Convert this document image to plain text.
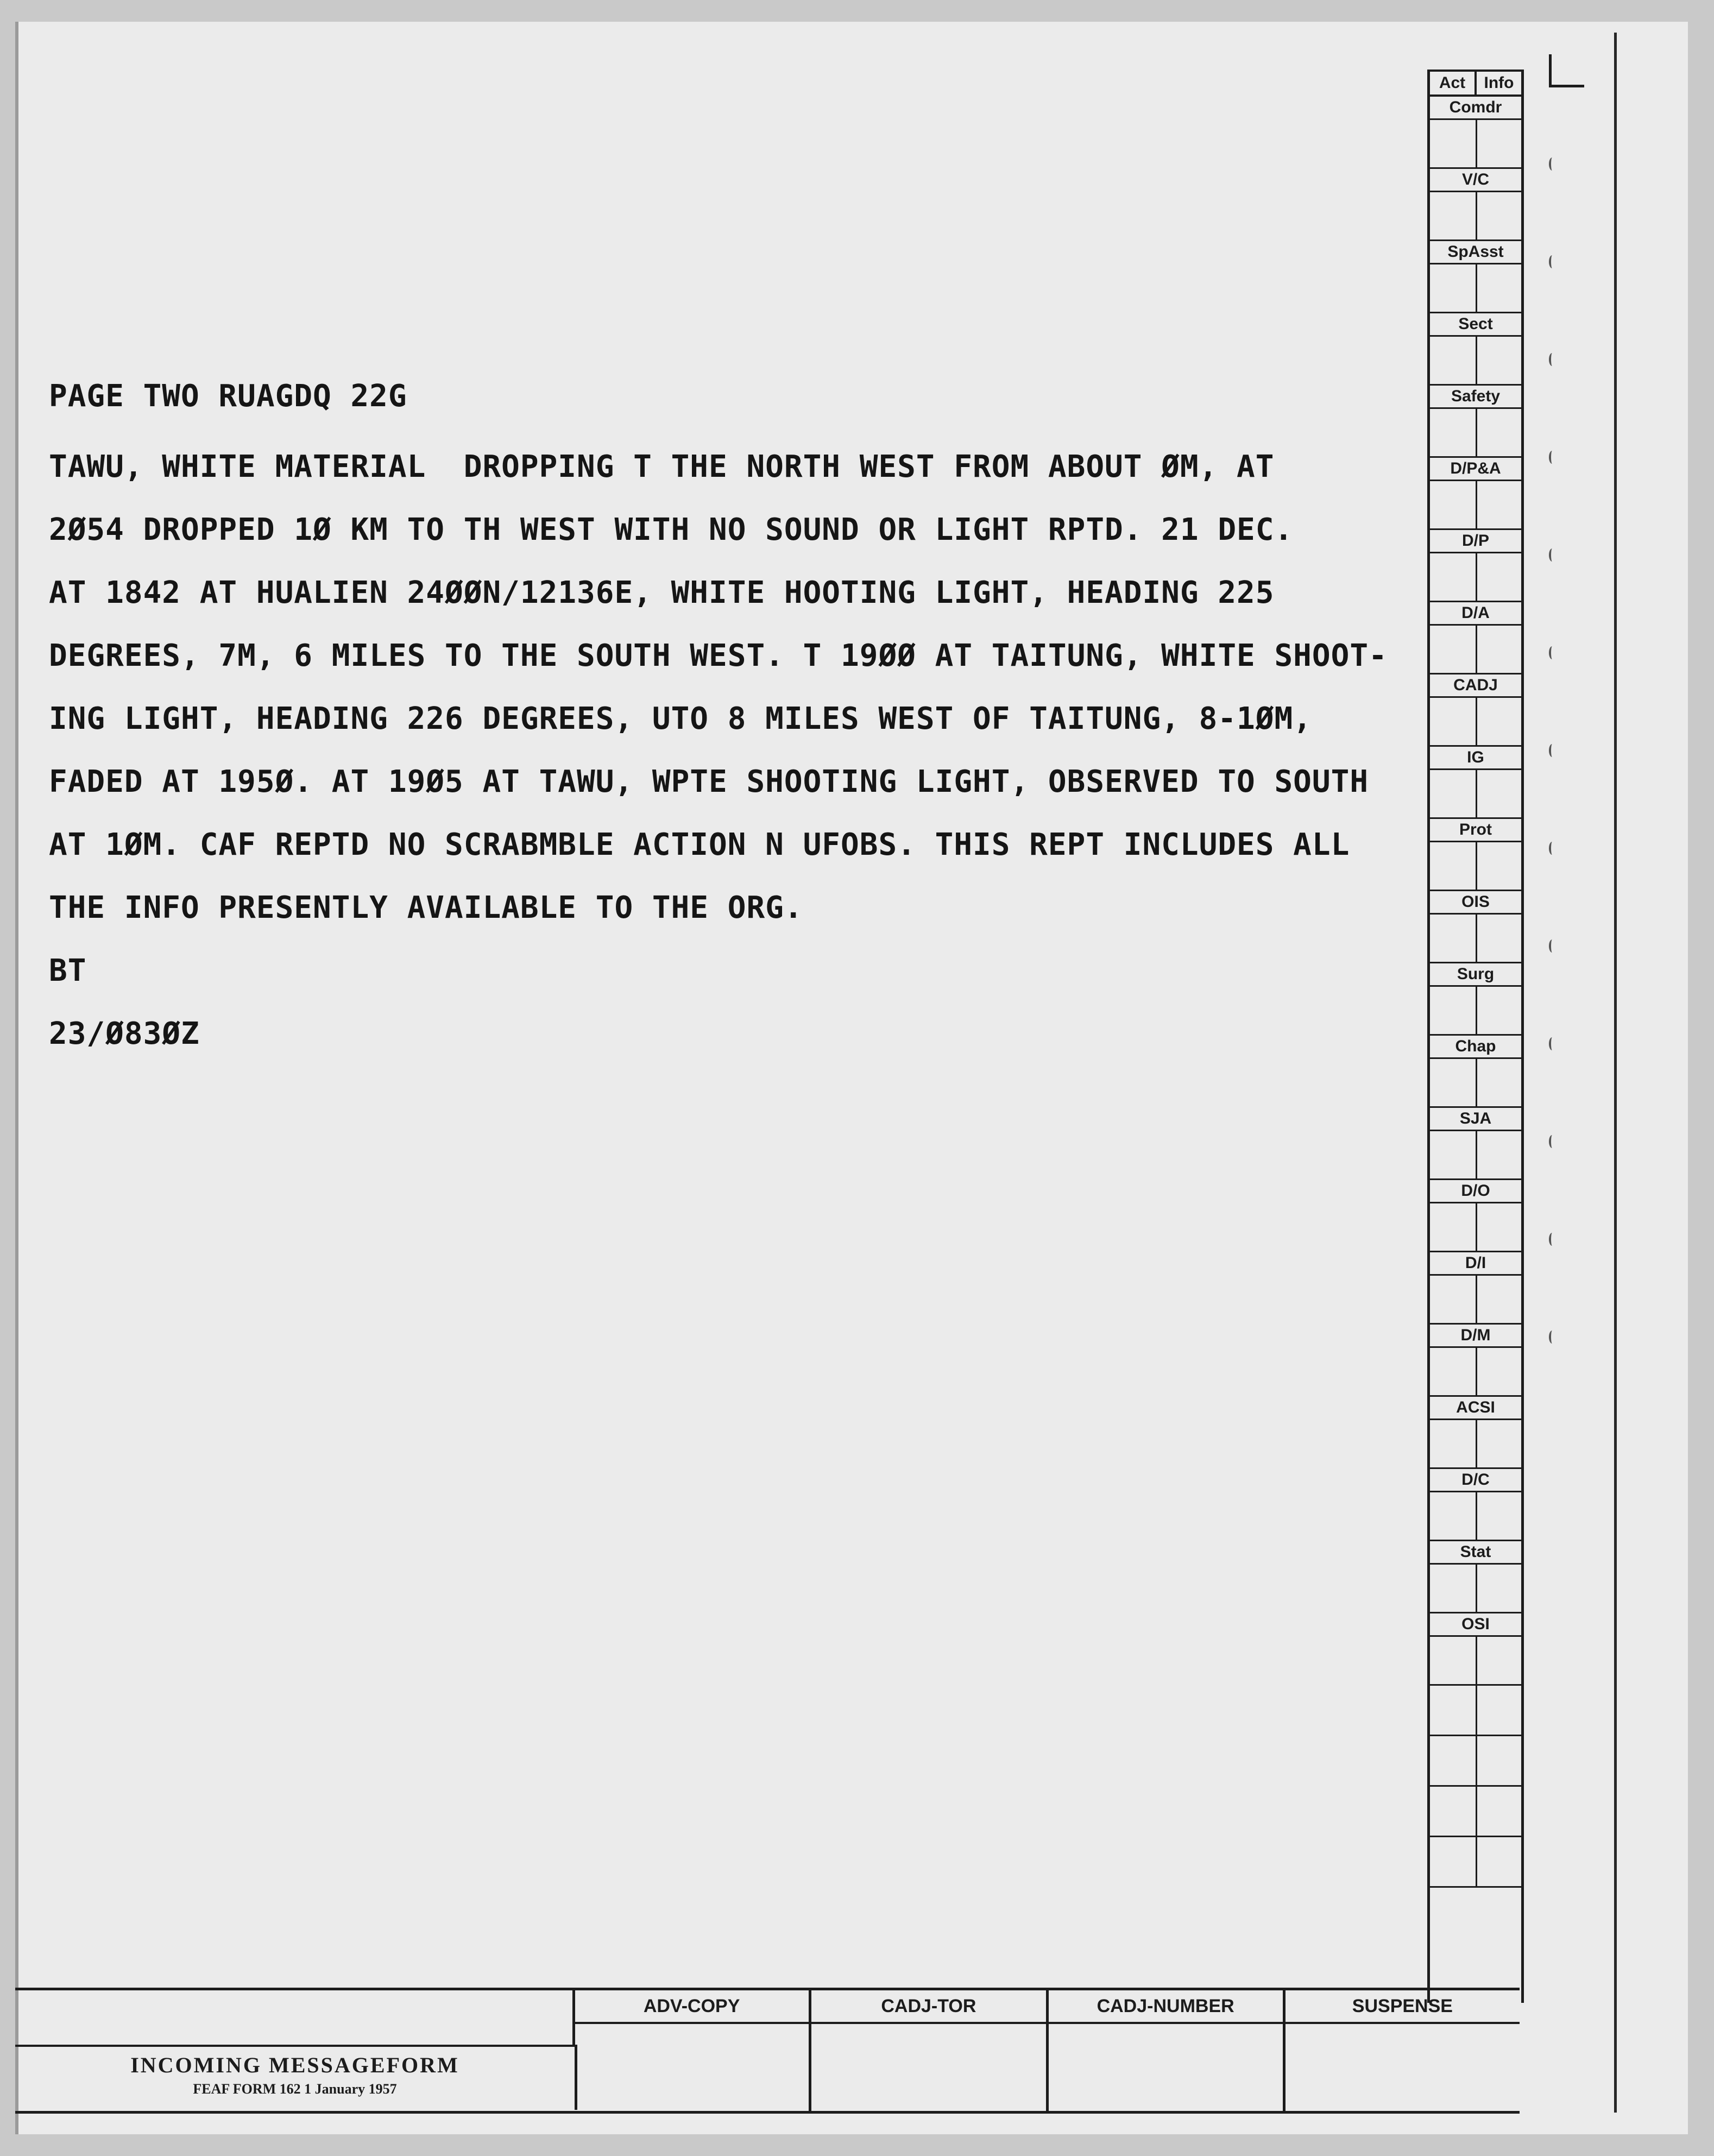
PAGE TWO RUAGDQ 22G
TAWU, WHITE MATERIAL  DROPPING T THE NORTH WEST FROM ABOUT ØM, AT
2Ø54 DROPPED 1Ø KM TO TH WEST WITH NO SOUND OR LIGHT RPTD. 21 DEC.
AT 1842 AT HUALIEN 24ØØN/12136E, WHITE HOOTING LIGHT, HEADING 225
DEGREES, 7M, 6 MILES TO THE SOUTH WEST. T 19ØØ AT TAITUNG, WHITE SHOOT-
ING LIGHT, HEADING 226 DEGREES, UTO 8 MILES WEST OF TAITUNG, 8-1ØM,
FADED AT 195Ø. AT 19Ø5 AT TAWU, WPTE SHOOTING LIGHT, OBSERVED TO SOUTH
AT 1ØM. CAF REPTD NO SCRABMBLE ACTION N UFOBS. THIS REPT INCLUDES ALL
THE INFO PRESENTLY AVAILABLE TO THE ORG.
BT
23/Ø83ØZ
Act	Info
Comdr
V/C
SpAsst
Sect
Safety
D/P&A
D/P
D/A
CADJ
IG
Prot
OIS
Surg
Chap
SJA
D/O
D/I
D/M
ACSI
D/C
Stat
OSI
INCOMING MESSAGEFORM
FEAF FORM 162 1 January 1957
ADV-COPY	CADJ-TOR	CADJ-NUMBER	SUSPENSE
